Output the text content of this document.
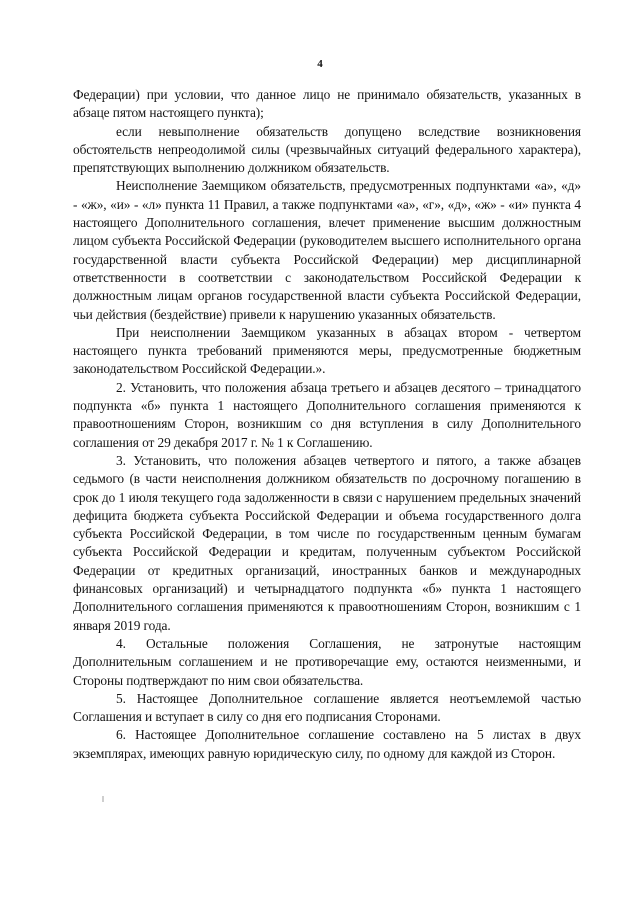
4

Федерации) при условии, что данное лицо не принимало обязательств, указанных в абзаце пятом настоящего пункта);

если невыполнение обязательств допущено вследствие возникновения обстоятельств непреодолимой силы (чрезвычайных ситуаций федерального характера), препятствующих выполнению должником обязательств.

Неисполнение Заемщиком обязательств, предусмотренных подпунктами «а», «д» - «ж», «и» - «л» пункта 11 Правил, а также подпунктами «а», «г», «д», «ж» - «и» пункта 4 настоящего Дополнительного соглашения, влечет применение высшим должностным лицом субъекта Российской Федерации (руководителем высшего исполнительного органа государственной власти субъекта Российской Федерации) мер дисциплинарной ответственности в соответствии с законодательством Российской Федерации к должностным лицам органов государственной власти субъекта Российской Федерации, чьи действия (бездействие) привели к нарушению указанных обязательств.

При неисполнении Заемщиком указанных в абзацах втором - четвертом настоящего пункта требований применяются меры, предусмотренные бюджетным законодательством Российской Федерации.».

2. Установить, что положения абзаца третьего и абзацев десятого – тринадцатого подпункта «б» пункта 1 настоящего Дополнительного соглашения применяются к правоотношениям Сторон, возникшим со дня вступления в силу Дополнительного соглашения от 29 декабря 2017 г. № 1 к Соглашению.

3. Установить, что положения абзацев четвертого и пятого, а также абзацев седьмого (в части неисполнения должником обязательств по досрочному погашению в срок до 1 июля текущего года задолженности в связи с нарушением предельных значений дефицита бюджета субъекта Российской Федерации и объема государственного долга субъекта Российской Федерации, в том числе по государственным ценным бумагам субъекта Российской Федерации и кредитам, полученным субъектом Российской Федерации от кредитных организаций, иностранных банков и международных финансовых организаций) и четырнадцатого подпункта «б» пункта 1 настоящего Дополнительного соглашения применяются к правоотношениям Сторон, возникшим с 1 января 2019 года.

4. Остальные положения Соглашения, не затронутые настоящим Дополнительным соглашением и не противоречащие ему, остаются неизменными, и Стороны подтверждают по ним свои обязательства.

5. Настоящее Дополнительное соглашение является неотъемлемой частью Соглашения и вступает в силу со дня его подписания Сторонами.

6. Настоящее Дополнительное соглашение составлено на 5 листах в двух экземплярах, имеющих равную юридическую силу, по одному для каждой из Сторон.
